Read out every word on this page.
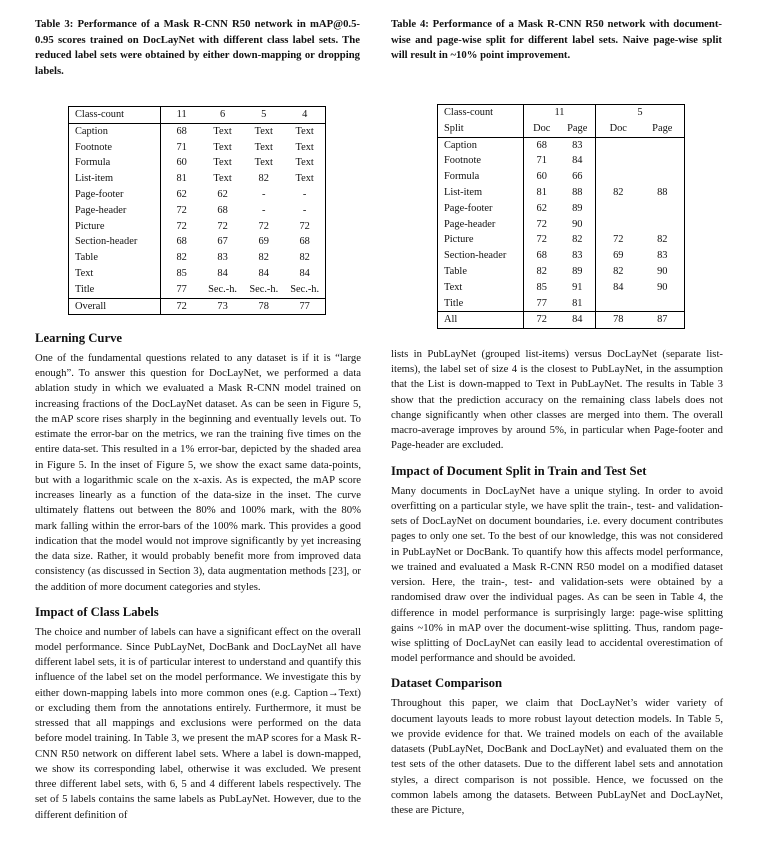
Table 3: Performance of a Mask R-CNN R50 network in mAP@0.5-0.95 scores trained on DocLayNet with different class label sets. The reduced label sets were obtained by either down-mapping or dropping labels.
Table 4: Performance of a Mask R-CNN R50 network with document-wise and page-wise split for different label sets. Naive page-wise split will result in ~10% point improvement.
Class-count	11	6	5	4
Caption	68	Text	Text	Text
Footnote	71	Text	Text	Text
Formula	60	Text	Text	Text
List-item	81	Text	82	Text
Page-footer	62	62	-	-
Page-header	72	68	-	-
Picture	72	72	72	72
Section-header	68	67	69	68
Table	82	83	82	82
Text	85	84	84	84
Title	77	Sec.-h.	Sec.-h.	Sec.-h.
Overall	72	73	78	77
Class-count	11		5	
Split	Doc	Page	Doc	Page
Caption	68	83		
Footnote	71	84		
Formula	60	66		
List-item	81	88	82	88
Page-footer	62	89		
Page-header	72	90		
Picture	72	82	72	82
Section-header	68	83	69	83
Table	82	89	82	90
Text	85	91	84	90
Title	77	81		
All	72	84	78	87
Learning Curve

One of the fundamental questions related to any dataset is if it is “large enough”. To answer this question for DocLayNet, we performed a data ablation study in which we evaluated a Mask R-CNN model trained on increasing fractions of the DocLayNet dataset. As can be seen in Figure 5, the mAP score rises sharply in the beginning and eventually levels out. To estimate the error-bar on the metrics, we ran the training five times on the entire data-set. This resulted in a 1% error-bar, depicted by the shaded area in Figure 5. In the inset of Figure 5, we show the exact same data-points, but with a logarithmic scale on the x-axis. As is expected, the mAP score increases linearly as a function of the data-size in the inset. The curve ultimately flattens out between the 80% and 100% mark, with the 80% mark falling within the error-bars of the 100% mark. This provides a good indication that the model would not improve significantly by yet increasing the data size. Rather, it would probably benefit more from improved data consistency (as discussed in Section 3), data augmentation methods [23], or the addition of more document categories and styles.

Impact of Class Labels

The choice and number of labels can have a significant effect on the overall model performance. Since PubLayNet, DocBank and DocLayNet all have different label sets, it is of particular interest to understand and quantify this influence of the label set on the model performance. We investigate this by either down-mapping labels into more common ones (e.g. Caption→Text) or excluding them from the annotations entirely. Furthermore, it must be stressed that all mappings and exclusions were performed on the data before model training. In Table 3, we present the mAP scores for a Mask R-CNN R50 network on different label sets. Where a label is down-mapped, we show its corresponding label, otherwise it was excluded. We present three different label sets, with 6, 5 and 4 different labels respectively. The set of 5 labels contains the same labels as PubLayNet. However, due to the different definition of

lists in PubLayNet (grouped list-items) versus DocLayNet (separate list-items), the label set of size 4 is the closest to PubLayNet, in the assumption that the List is down-mapped to Text in PubLayNet. The results in Table 3 show that the prediction accuracy on the remaining class labels does not change significantly when other classes are merged into them. The overall macro-average improves by around 5%, in particular when Page-footer and Page-header are excluded.

Impact of Document Split in Train and Test Set

Many documents in DocLayNet have a unique styling. In order to avoid overfitting on a particular style, we have split the train-, test- and validation-sets of DocLayNet on document boundaries, i.e. every document contributes pages to only one set. To the best of our knowledge, this was not considered in PubLayNet or DocBank. To quantify how this affects model performance, we trained and evaluated a Mask R-CNN R50 model on a modified dataset version. Here, the train-, test- and validation-sets were obtained by a randomised draw over the individual pages. As can be seen in Table 4, the difference in model performance is surprisingly large: page-wise splitting gains ~10% in mAP over the document-wise splitting. Thus, random page-wise splitting of DocLayNet can easily lead to accidental overestimation of model performance and should be avoided.

Dataset Comparison

Throughout this paper, we claim that DocLayNet’s wider variety of document layouts leads to more robust layout detection models. In Table 5, we provide evidence for that. We trained models on each of the available datasets (PubLayNet, DocBank and DocLayNet) and evaluated them on the test sets of the other datasets. Due to the different label sets and annotation styles, a direct comparison is not possible. Hence, we focussed on the common labels among the datasets. Between PubLayNet and DocLayNet, these are Picture,
